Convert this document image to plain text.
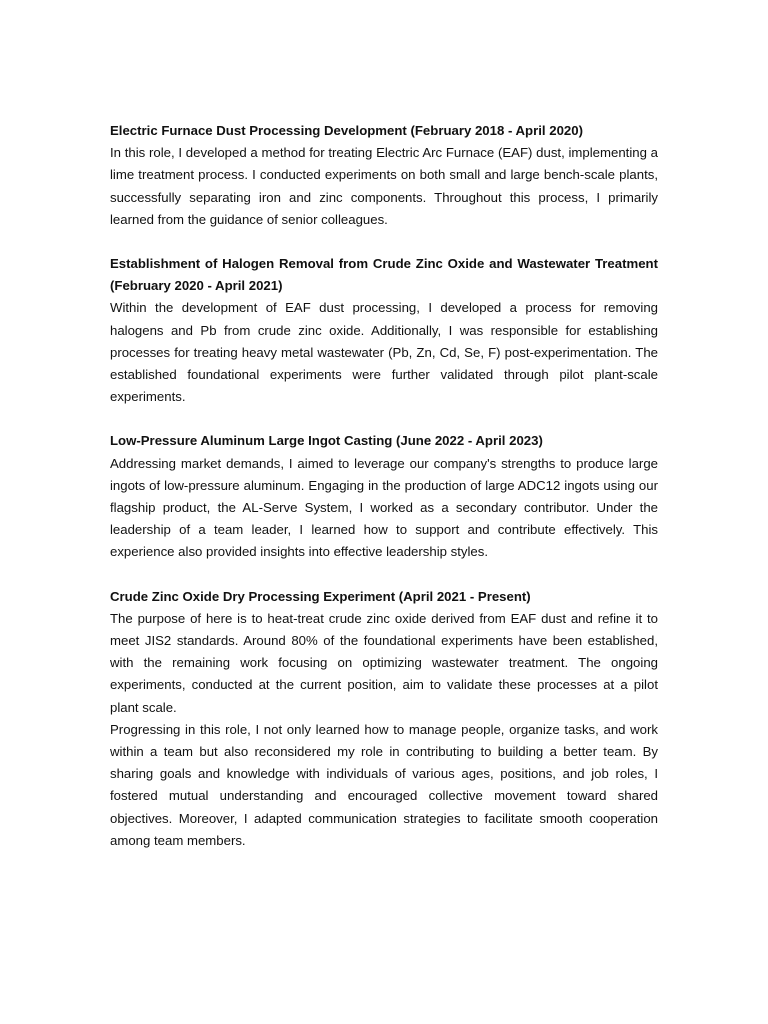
Electric Furnace Dust Processing Development (February 2018 - April 2020)

In this role, I developed a method for treating Electric Arc Furnace (EAF) dust, implementing a lime treatment process. I conducted experiments on both small and large bench-scale plants, successfully separating iron and zinc components. Throughout this process, I primarily learned from the guidance of senior colleagues.

Establishment of Halogen Removal from Crude Zinc Oxide and Wastewater Treatment (February 2020 - April 2021)

Within the development of EAF dust processing, I developed a process for removing halogens and Pb from crude zinc oxide. Additionally, I was responsible for establishing processes for treating heavy metal wastewater (Pb, Zn, Cd, Se, F) post-experimentation. The established foundational experiments were further validated through pilot plant-scale experiments.

Low-Pressure Aluminum Large Ingot Casting (June 2022 - April 2023)

Addressing market demands, I aimed to leverage our company's strengths to produce large ingots of low-pressure aluminum. Engaging in the production of large ADC12 ingots using our flagship product, the AL-Serve System, I worked as a secondary contributor. Under the leadership of a team leader, I learned how to support and contribute effectively. This experience also provided insights into effective leadership styles.

Crude Zinc Oxide Dry Processing Experiment (April 2021 - Present)

The purpose of here is to heat-treat crude zinc oxide derived from EAF dust and refine it to meet JIS2 standards. Around 80% of the foundational experiments have been established, with the remaining work focusing on optimizing wastewater treatment. The ongoing experiments, conducted at the current position, aim to validate these processes at a pilot plant scale.

Progressing in this role, I not only learned how to manage people, organize tasks, and work within a team but also reconsidered my role in contributing to building a better team. By sharing goals and knowledge with individuals of various ages, positions, and job roles, I fostered mutual understanding and encouraged collective movement toward shared objectives. Moreover, I adapted communication strategies to facilitate smooth cooperation among team members.
